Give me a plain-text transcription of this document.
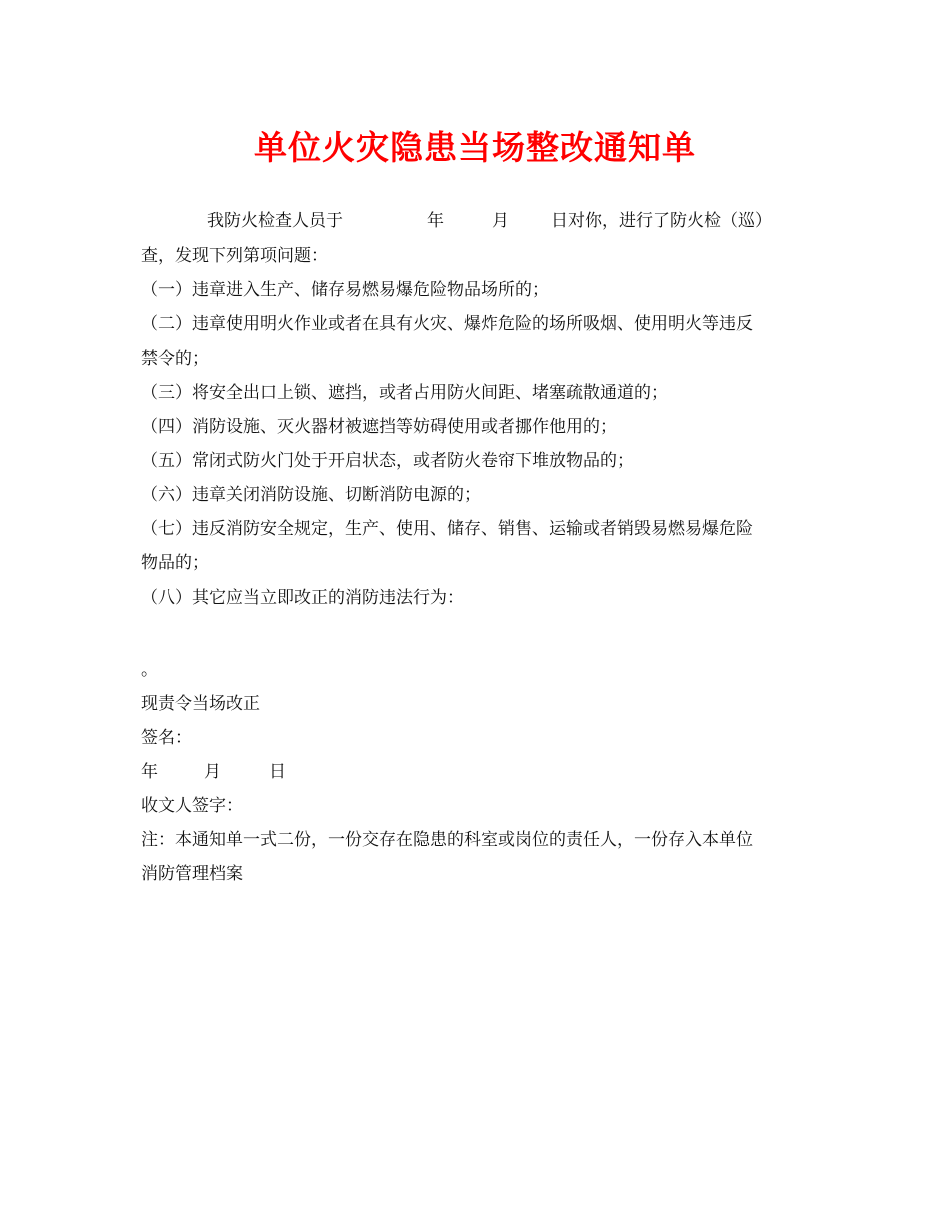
单位火灾隐患当场整改通知单
我防火检查人员于	年	月 日对你，进行了防火检（巡）
查，发现下列第项问题：
（一）违章进入生产、储存易燃易爆危险物品场所的；
（二）违章使用明火作业或者在具有火灾、爆炸危险的场所吸烟、使用明火等违反
禁令的；
（三）将安全出口上锁、遮挡，或者占用防火间距、堵塞疏散通道的；
（四）消防设施、灭火器材被遮挡等妨碍使用或者挪作他用的；
（五）常闭式防火门处于开启状态，或者防火卷帘下堆放物品的；
（六）违章关闭消防设施、切断消防电源的；
（七）违反消防安全规定，生产、使用、储存、销售、运输或者销毁易燃易爆危险
物品的；
（八）其它应当立即改正的消防违法行为：
。
现责令当场改正
签名：
年	月	日
收文人签字：
注：本通知单一式二份，一份交存在隐患的科室或岗位的责任人，一份存入本单位
消防管理档案
